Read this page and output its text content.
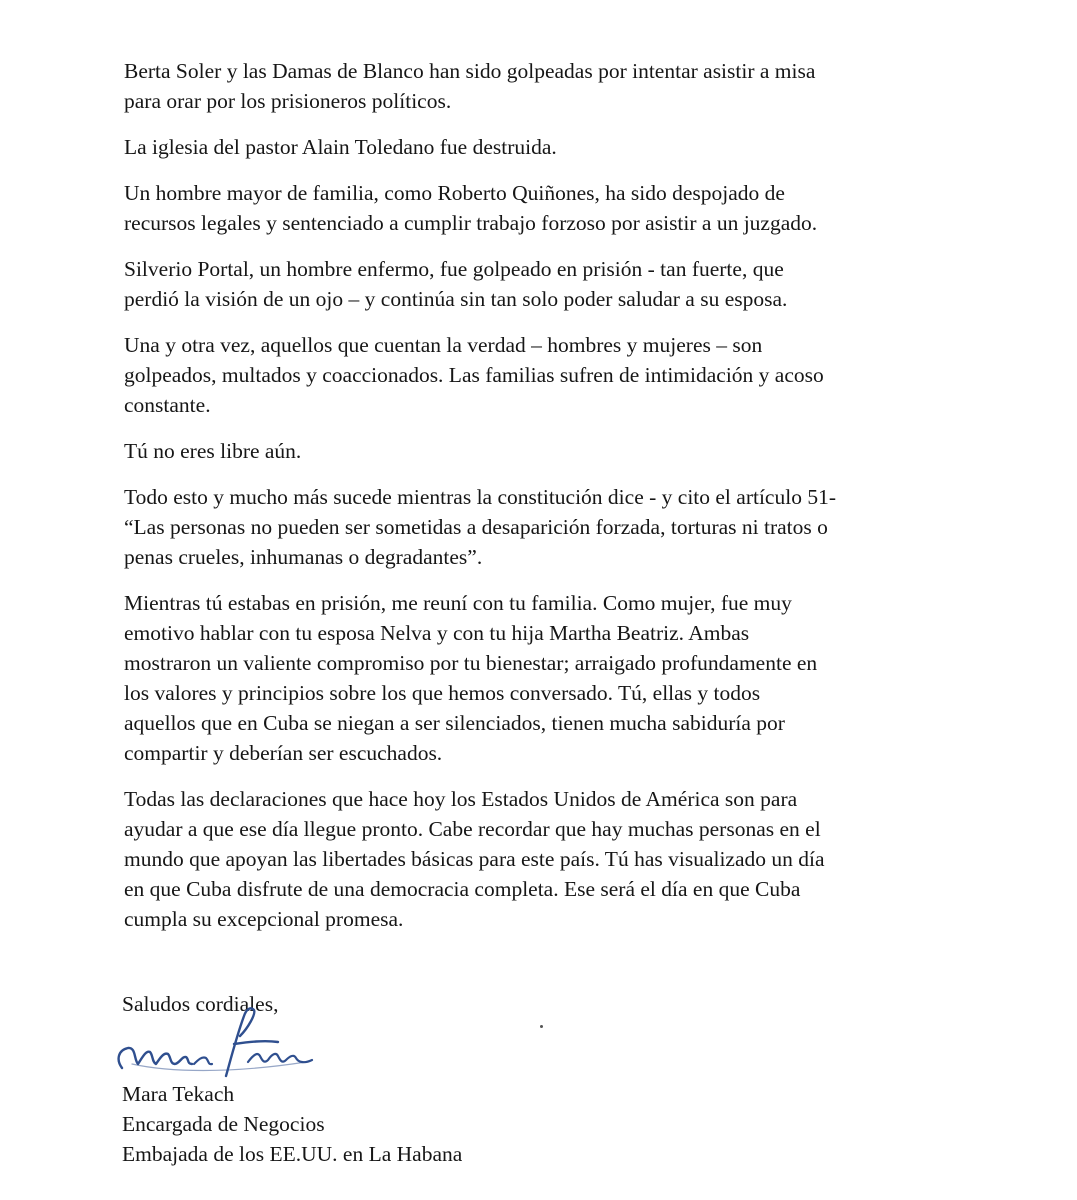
Berta Soler y las Damas de Blanco han sido golpeadas por intentar asistir a misa
para orar por los prisioneros políticos.

La iglesia del pastor Alain Toledano fue destruida.

Un hombre mayor de familia, como Roberto Quiñones, ha sido despojado de
recursos legales y sentenciado a cumplir trabajo forzoso por asistir a un juzgado.

Silverio Portal, un hombre enfermo, fue golpeado en prisión - tan fuerte, que
perdió la visión de un ojo – y continúa sin tan solo poder saludar a su esposa.

Una y otra vez, aquellos que cuentan la verdad – hombres y mujeres – son
golpeados, multados y coaccionados. Las familias sufren de intimidación y acoso
constante.

Tú no eres libre aún.

Todo esto y mucho más sucede mientras la constitución dice - y cito el artículo 51-
“Las personas no pueden ser sometidas a desaparición forzada, torturas ni tratos o
penas crueles, inhumanas o degradantes”.

Mientras tú estabas en prisión, me reuní con tu familia. Como mujer, fue muy
emotivo hablar con tu esposa Nelva y con tu hija Martha Beatriz. Ambas
mostraron un valiente compromiso por tu bienestar; arraigado profundamente en
los valores y principios sobre los que hemos conversado. Tú, ellas y todos
aquellos que en Cuba se niegan a ser silenciados, tienen mucha sabiduría por
compartir y deberían ser escuchados.

Todas las declaraciones que hace hoy los Estados Unidos de América son para
ayudar a que ese día llegue pronto. Cabe recordar que hay muchas personas en el
mundo que apoyan las libertades básicas para este país. Tú has visualizado un día
en que Cuba disfrute de una democracia completa. Ese será el día en que Cuba
cumpla su excepcional promesa.

Saludos cordiales,
Mara Tekach
Encargada de Negocios
Embajada de los EE.UU. en La Habana
